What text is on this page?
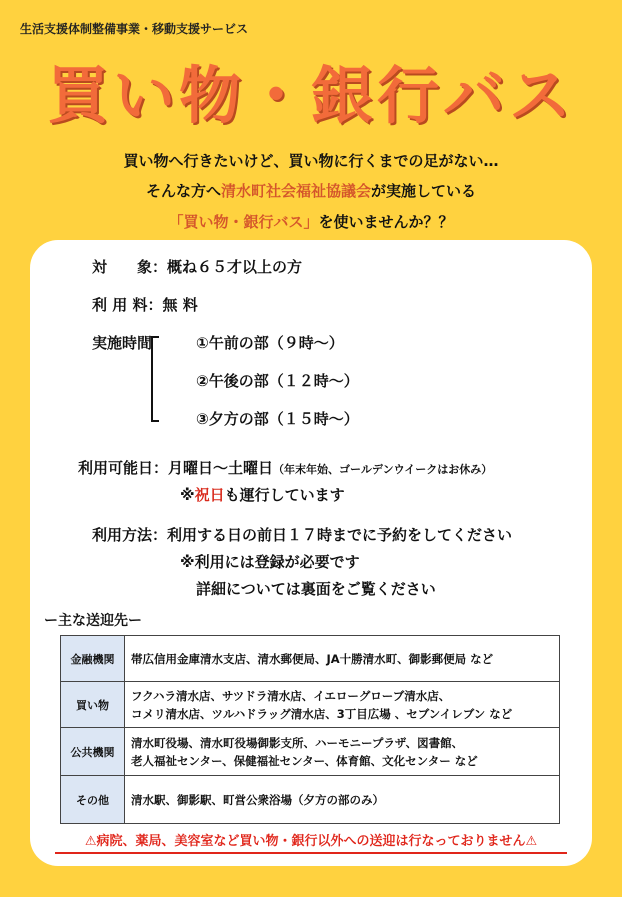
生活支援体制整備事業・移動支援サービス
買い物・銀行バス
買い物へ行きたいけど、買い物に行くまでの足がない…
そんな方へ清水町社会福祉協議会が実施している
「買い物・銀行バス」を使いませんか？？
対　　象：概ね６５才以上の方
利 用 料：無 料
実施時間	①午前の部（９時～）
②午後の部（１２時～）
③夕方の部（１５時～）
利用可能日：月曜日～土曜日（年末年始、ゴールデンウイークはお休み）
※祝日も運行しています
利用方法：利用する日の前日１７時までに予約をしてください
※利用には登録が必要です
詳細については裏面をご覧ください
ー主な送迎先ー
金融機関	帯広信用金庫清水支店、清水郵便局、JA十勝清水町、御影郵便局 など

買い物	フクハラ清水店、サツドラ清水店、イエローグローブ清水店、
コメリ清水店、ツルハドラッグ清水店、3丁目広場 、セブンイレブン など

公共機関	清水町役場、清水町役場御影支所、ハーモニープラザ、図書館、
老人福祉センター、保健福祉センター、体育館、文化センター など

その他	清水駅、御影駅、町営公衆浴場（夕方の部のみ）
⚠病院、薬局、美容室など買い物・銀行以外への送迎は行なっておりません⚠
